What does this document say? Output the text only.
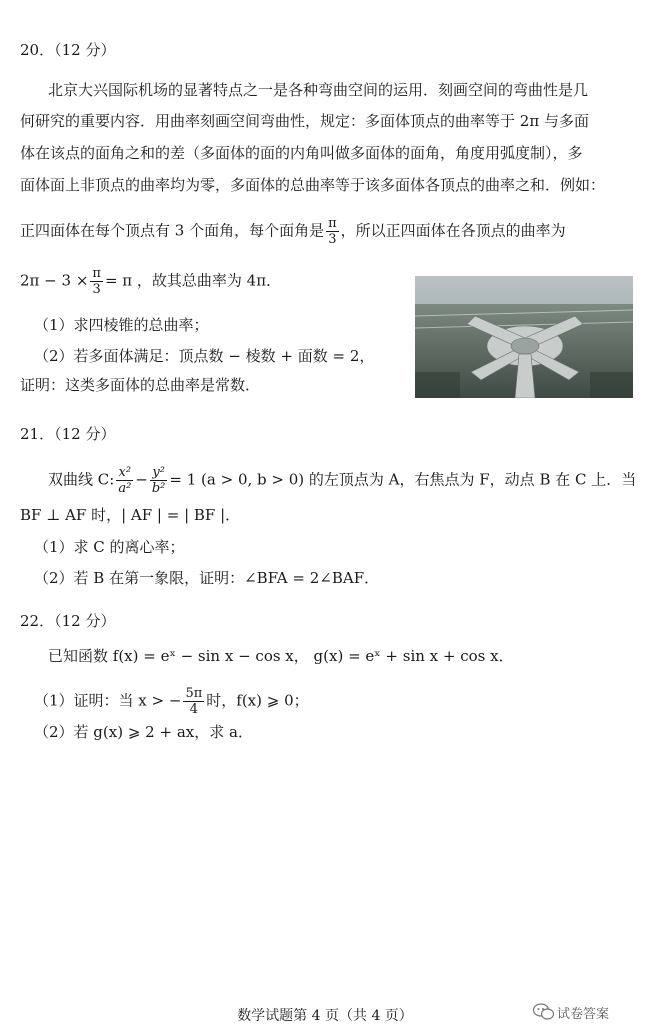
20．（12 分）
北京大兴国际机场的显著特点之一是各种弯曲空间的运用．刻画空间的弯曲性是几
何研究的重要内容．用曲率刻画空间弯曲性，规定：多面体顶点的曲率等于 2π 与多面
体在该点的面角之和的差（多面体的面的内角叫做多面体的面角，角度用弧度制），多
面体面上非顶点的曲率均为零，多面体的总曲率等于该多面体各顶点的曲率之和．例如：
正四面体在每个顶点有 3 个面角，每个面角是 $\frac{\pi}{3}$ ，所以正四面体在各顶点的曲率为
$2\pi - 3 \times \frac{\pi}{3} = \pi$ ，故其总曲率为 4π．
（1）求四棱锥的总曲率；
（2）若多面体满足：顶点数 − 棱数 + 面数 = 2，
证明：这类多面体的总曲率是常数．
21．（12 分）
双曲线 C: $\frac{\text{x²}}{\text{a²}} - \frac{\text{y²}}{\text{b²}} = 1$ (a > 0, b > 0) 的左顶点为 A，右焦点为 F，动点 B 在 C 上．当
BF ⊥ AF 时，| AF | = | BF |．
（1）求 C 的离心率；
（2）若 B 在第一象限，证明：∠BFA = 2∠BAF．
22．（12 分）
已知函数 f(x) = eˣ − sin x − cos x， g(x) = eˣ + sin x + cos x．
（1）证明：当 x > − $\frac{5\pi}{4}$ 时，f(x) ⩾ 0；
（2）若 g(x) ⩾ 2 + ax，求 a．
数学试题第 4 页（共 4 页）	试卷答案
